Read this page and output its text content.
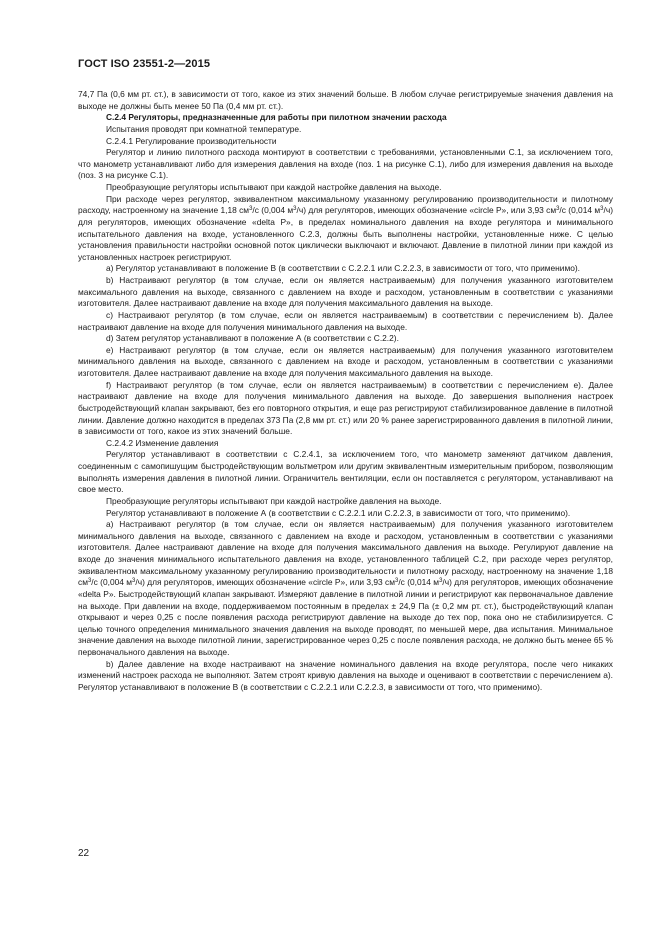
ГОСТ ISO 23551-2—2015

74,7 Па (0,6 мм рт. ст.), в зависимости от того, какое из этих значений больше. В любом случае регистрируемые значения давления на выходе не должны быть менее 50 Па (0,4 мм рт. ст.).

С.2.4 Регуляторы, предназначенные для работы при пилотном значении расхода

Испытания проводят при комнатной температуре.

С.2.4.1 Регулирование производительности

Регулятор и линию пилотного расхода монтируют в соответствии с требованиями, установленными С.1, за исключением того, что манометр устанавливают либо для измерения давления на входе (поз. 1 на рисунке С.1), либо для измерения давления на выходе (поз. 3 на рисунке С.1).

Преобразующие регуляторы испытывают при каждой настройке давления на выходе.

При расходе через регулятор, эквивалентном максимальному указанному регулированию производительности и пилотному расходу, настроенному на значение 1,18 $см^3/с$ (0,004 $м^3/ч$) для регуляторов, имеющих обозначение «circle P», или 3,93 $см^3/с$ (0,014 $м^3/ч$) для регуляторов, имеющих обозначение «delta P», в пределах номинального давления на входе регулятора и минимального испытательного давления на входе, установленного С.2.3, должны быть выполнены настройки, установленные ниже. С целью установления правильности настройки основной поток циклически выключают и включают. Давление в пилотной линии при каждой из установленных настроек регистрируют.

а) Регулятор устанавливают в положение В (в соответствии с С.2.2.1 или С.2.2.3, в зависимости от того, что применимо).

b) Настраивают регулятор (в том случае, если он является настраиваемым) для получения указанного изготовителем максимального давления на выходе, связанного с давлением на входе и расходом, установленным в соответствии с указаниями изготовителя. Далее настраивают давление на входе для получения максимального давления на выходе.

с) Настраивают регулятор (в том случае, если он является настраиваемым) в соответствии с перечислением b). Далее настраивают давление на входе для получения минимального давления на выходе.

d) Затем регулятор устанавливают в положение А (в соответствии с С.2.2).

е) Настраивают регулятор (в том случае, если он является настраиваемым) для получения указанного изготовителем минимального давления на выходе, связанного с давлением на входе и расходом, установленным в соответствии с указаниями изготовителя. Далее настраивают давление на входе для получения максимального давления на выходе.

f) Настраивают регулятор (в том случае, если он является настраиваемым) в соответствии с перечислением е). Далее настраивают давление на входе для получения минимального давления на выходе. До завершения выполнения настроек быстродействующий клапан закрывают, без его повторного открытия, и еще раз регистрируют стабилизированное давление в пилотной линии. Давление должно находится в пределах 373 Па (2,8 мм рт. ст.) или 20 % ранее зарегистрированного давления в пилотной линии, в зависимости от того, какое из этих значений больше.

С.2.4.2 Изменение давления

Регулятор устанавливают в соответствии с С.2.4.1, за исключением того, что манометр заменяют датчиком давления, соединенным с самопишущим быстродействующим вольтметром или другим эквивалентным измерительным прибором, позволяющим выполнять измерения давления в пилотной линии. Ограничитель вентиляции, если он поставляется с регулятором, устанавливают на свое место.

Преобразующие регуляторы испытывают при каждой настройке давления на выходе.

Регулятор устанавливают в положение А (в соответствии с С.2.2.1 или С.2.2.3, в зависимости от того, что применимо).

а) Настраивают регулятор (в том случае, если он является настраиваемым) для получения указанного изготовителем минимального давления на выходе, связанного с давлением на входе и расходом, установленным в соответствии с указаниями изготовителя. Далее настраивают давление на входе для получения максимального давления на выходе. Регулируют давление на входе до значения минимального испытательного давления на входе, установленного таблицей С.2, при расходе через регулятор, эквивалентном максимальному указанному регулированию производительности и пилотному расходу, настроенному на значение 1,18 $см^3/с$ (0,004 $м^3/ч$) для регуляторов, имеющих обозначение «circle P», или 3,93 $см^3/с$ (0,014 $м^3/ч$) для регуляторов, имеющих обозначение «delta P». Быстродействующий клапан закрывают. Измеряют давление в пилотной линии и регистрируют как первоначальное давление на выходе. При давлении на входе, поддерживаемом постоянным в пределах ± 24,9 Па (± 0,2 мм рт. ст.), быстродействующий клапан открывают и через 0,25 с после появления расхода регистрируют давление на выходе до тех пор, пока оно не стабилизируется. С целью точного определения минимального значения давления на выходе проводят, по меньшей мере, два испытания. Минимальное значение давления на выходе пилотной линии, зарегистрированное через 0,25 с после появления расхода, не должно быть менее 65 % первоначального давления на выходе.

b) Далее давление на входе настраивают на значение номинального давления на входе регулятора, после чего никаких изменений настроек расхода не выполняют. Затем строят кривую давления на выходе и оценивают в соответствии с перечислением а). Регулятор устанавливают в положение В (в соответствии с С.2.2.1 или С.2.2.3, в зависимости от того, что применимо).

22
